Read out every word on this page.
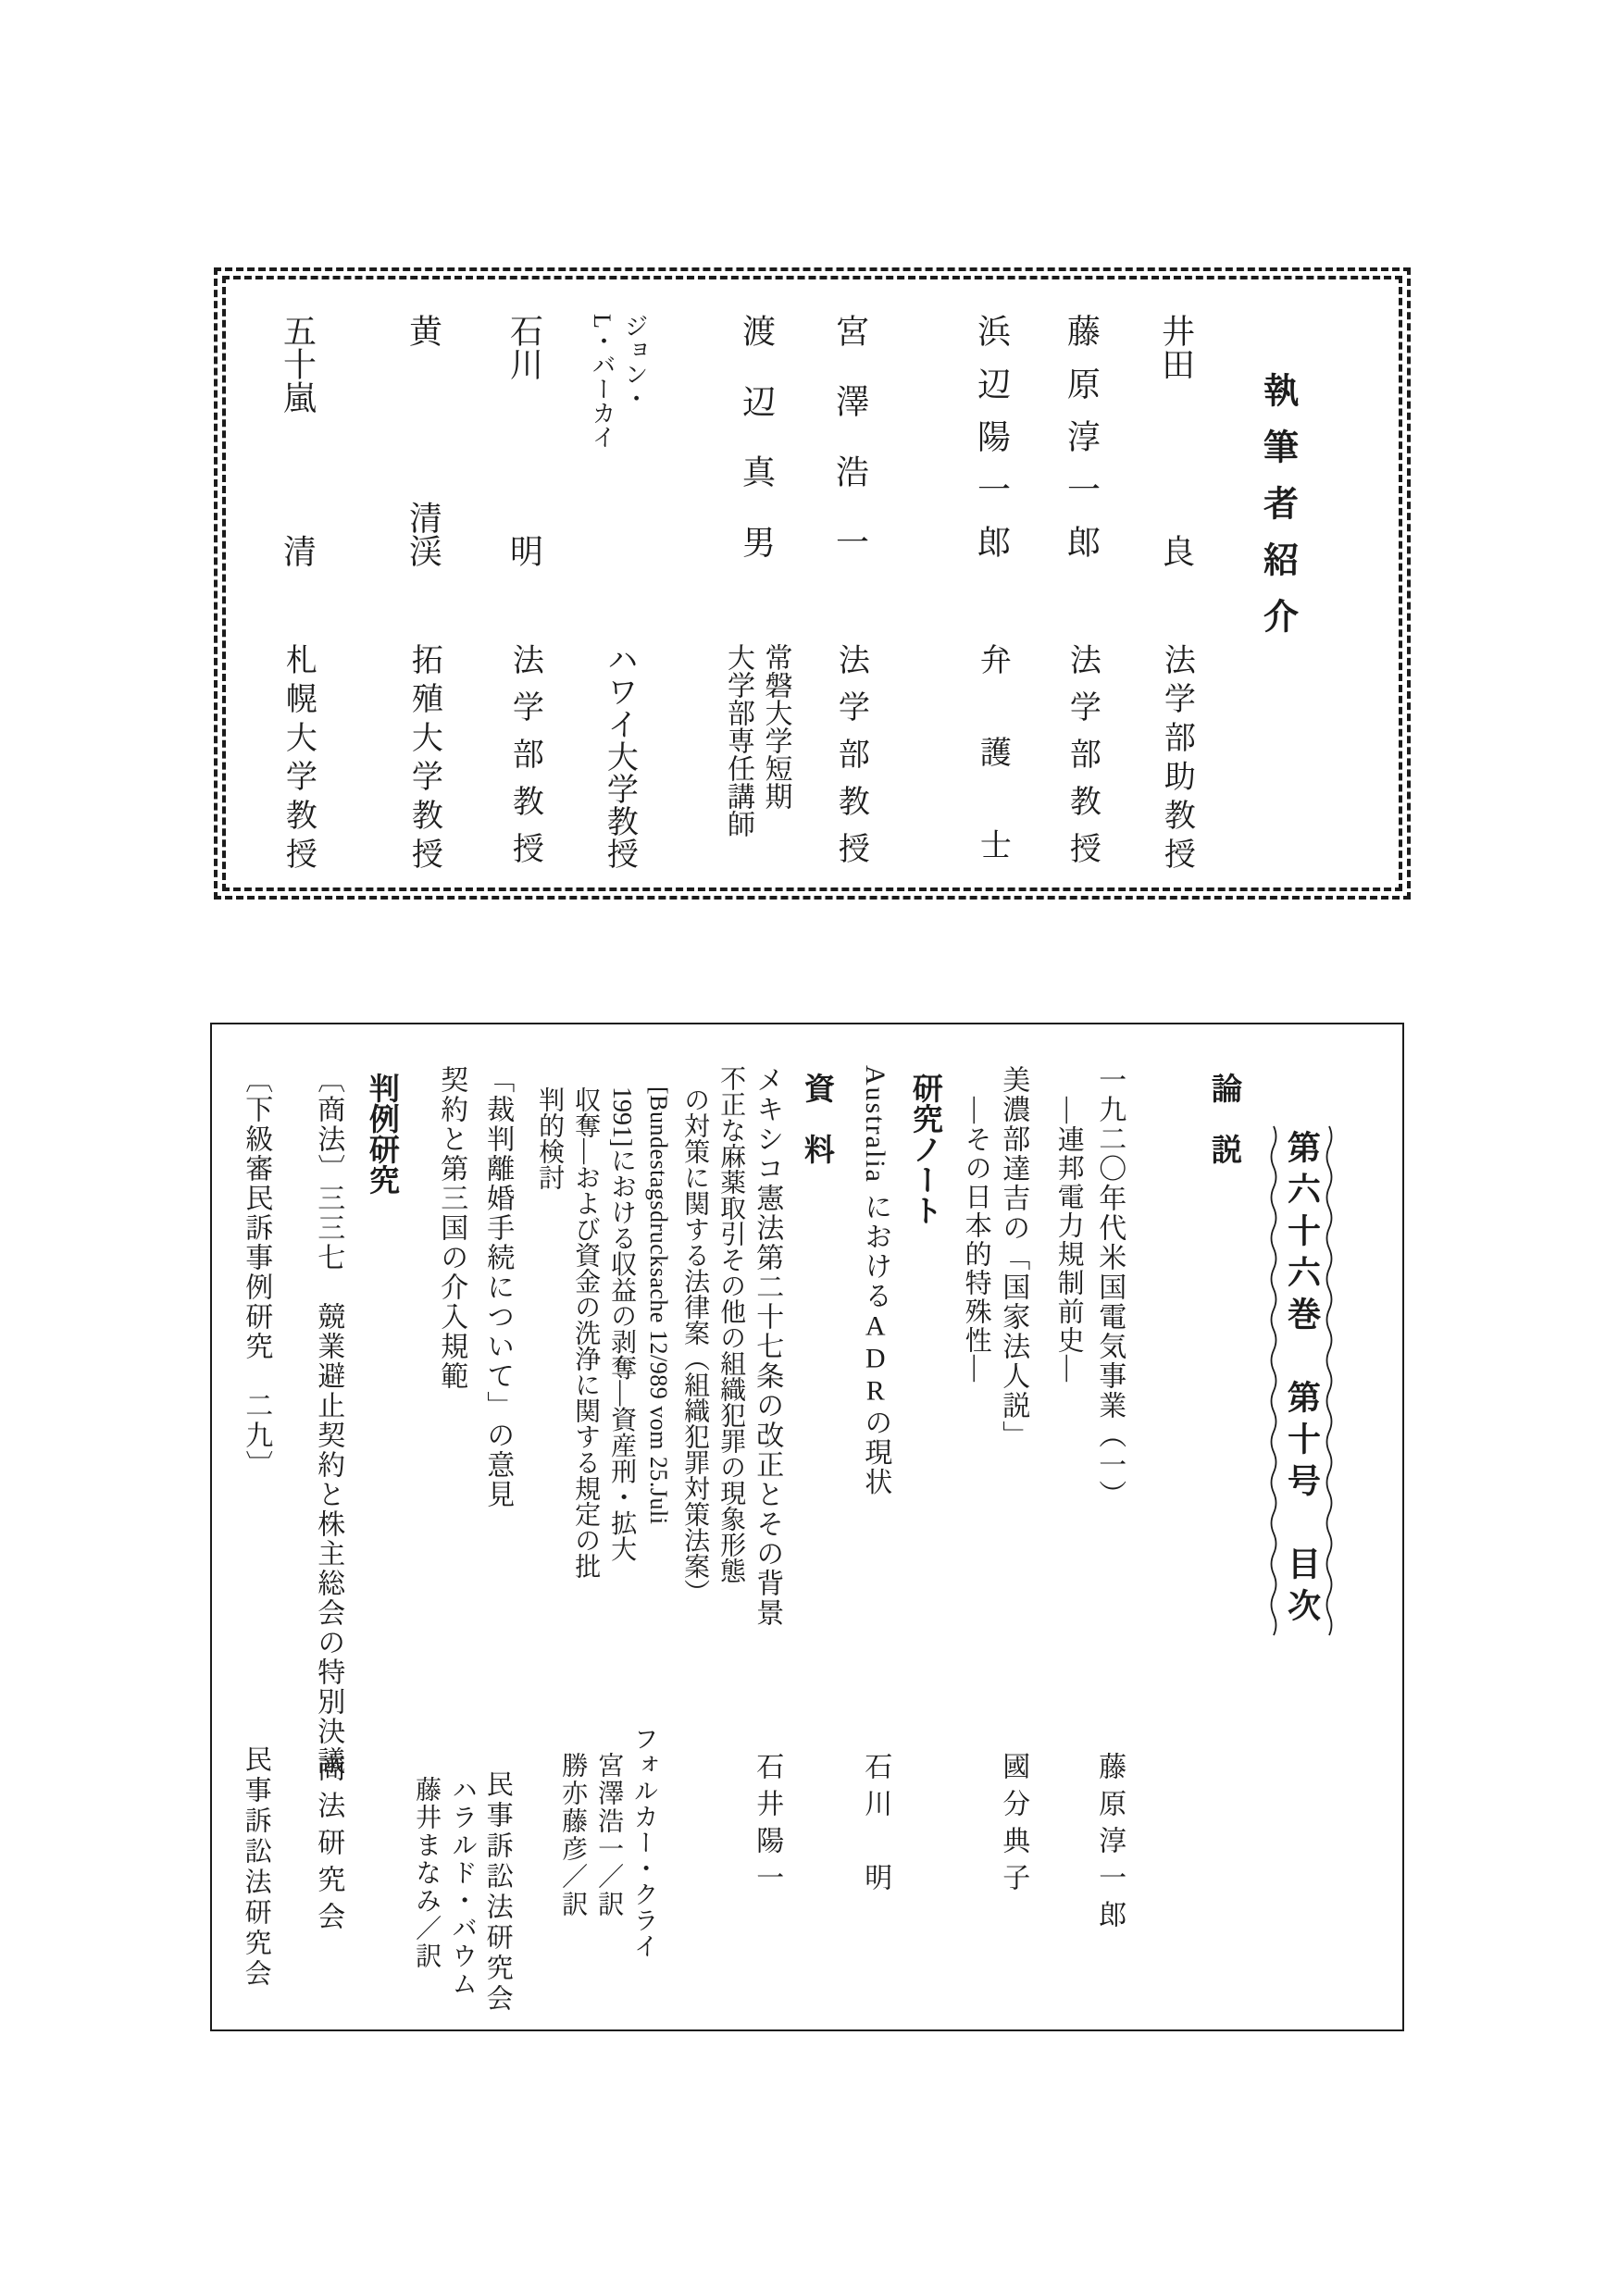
執筆者紹介
井田
良
法学部助教授
藤原淳一郎
法学部教授
浜辺陽一郎
弁護士
宮澤浩一
法学部教授
渡辺真男
常磐大学短期
大学部専任講師
ジョン・
L・バーカイ
ハワイ大学教授
石川
明
法学部教授
黄
清渓
拓殖大学教授
五十嵐
清
札幌大学教授
第六十六巻　第十号　目次
論　説
一九二〇年代米国電気事業（一）
―連邦電力規制前史―
藤原淳一郎
美濃部達吉の「国家法人説」
―その日本的特殊性―
國分典子
研究ノート
Australia におけるADRの現状
石川　明
資　料
メキシコ憲法第二十七条の改正とその背景
石井陽一
不正な麻薬取引その他の組織犯罪の現象形態
の対策に関する法律案（組織犯罪対策法案）
[Bundestagsdrucksache 12/989 vom 25.Juli
1991]における収益の剥奪―資産刑・拡大
収奪―および資金の洗浄に関する規定の批
判的検討
フォルカー・クライ
宮澤浩一／訳
勝亦藤彦／訳
「裁判離婚手続について」の意見
民事訴訟法研究会
契約と第三国の介入規範
ハラルド・バウム
藤井まなみ／訳
判例研究
〔商法〕三三七　競業避止契約と株主総会の特別決議
商法研究会
〔下級審民訴事例研究　二九〕
民事訴訟法研究会
